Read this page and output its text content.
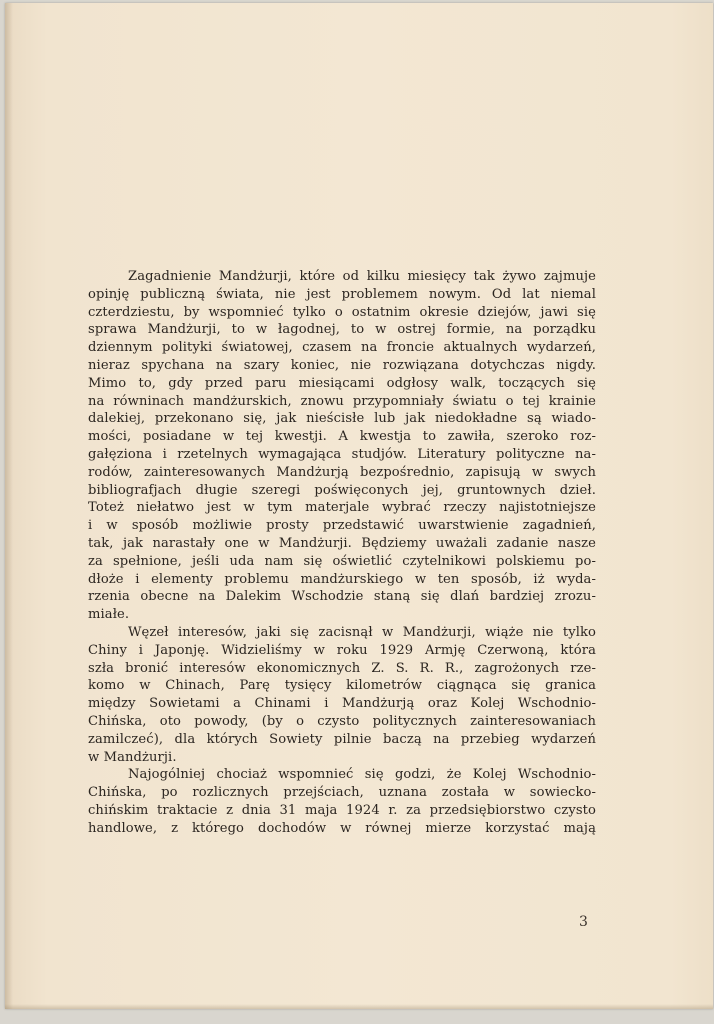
Zagadnienie Mandżurji, które od kilku miesięcy tak żywo zajmuje
opinję publiczną świata, nie jest problemem nowym. Od lat niemal
czterdziestu, by wspomnieć tylko o ostatnim okresie dziejów, jawi się
sprawa Mandżurji, to w łagodnej, to w ostrej formie, na porządku
dziennym polityki światowej, czasem na froncie aktualnych wydarzeń,
nieraz spychana na szary koniec, nie rozwiązana dotychczas nigdy.
Mimo to, gdy przed paru miesiącami odgłosy walk, toczących się
na równinach mandżurskich, znowu przypomniały światu o tej krainie
dalekiej, przekonano się, jak nieścisłe lub jak niedokładne są wiado-
mości, posiadane w tej kwestji. A kwestja to zawiła, szeroko roz-
gałęziona i rzetelnych wymagająca studjów. Literatury polityczne na-
rodów, zainteresowanych Mandżurją bezpośrednio, zapisują w swych
bibliografjach długie szeregi poświęconych jej, gruntownych dzieł.
Toteż niełatwo jest w tym materjale wybrać rzeczy najistotniejsze
i w sposób możliwie prosty przedstawić uwarstwienie zagadnień,
tak, jak narastały one w Mandżurji. Będziemy uważali zadanie nasze
za spełnione, jeśli uda nam się oświetlić czytelnikowi polskiemu po-
dłoże i elementy problemu mandżurskiego w ten sposób, iż wyda-
rzenia obecne na Dalekim Wschodzie staną się dlań bardziej zrozu-
miałe.
Węzeł interesów, jaki się zacisnął w Mandżurji, wiąże nie tylko
Chiny i Japonję. Widzieliśmy w roku 1929 Armję Czerwoną, która
szła bronić interesów ekonomicznych Z. S. R. R., zagrożonych rze-
komo w Chinach, Parę tysięcy kilometrów ciągnąca się granica
między Sowietami a Chinami i Mandżurją oraz Kolej Wschodnio-
Chińska, oto powody, (by o czysto politycznych zainteresowaniach
zamilczeć), dla których Sowiety pilnie baczą na przebieg wydarzeń
w Mandżurji.
Najogólniej chociaż wspomnieć się godzi, że Kolej Wschodnio-
Chińska, po rozlicznych przejściach, uznana została w sowiecko-
chińskim traktacie z dnia 31 maja 1924 r. za przedsiębiorstwo czysto
handlowe, z którego dochodów w równej mierze korzystać mają
3
